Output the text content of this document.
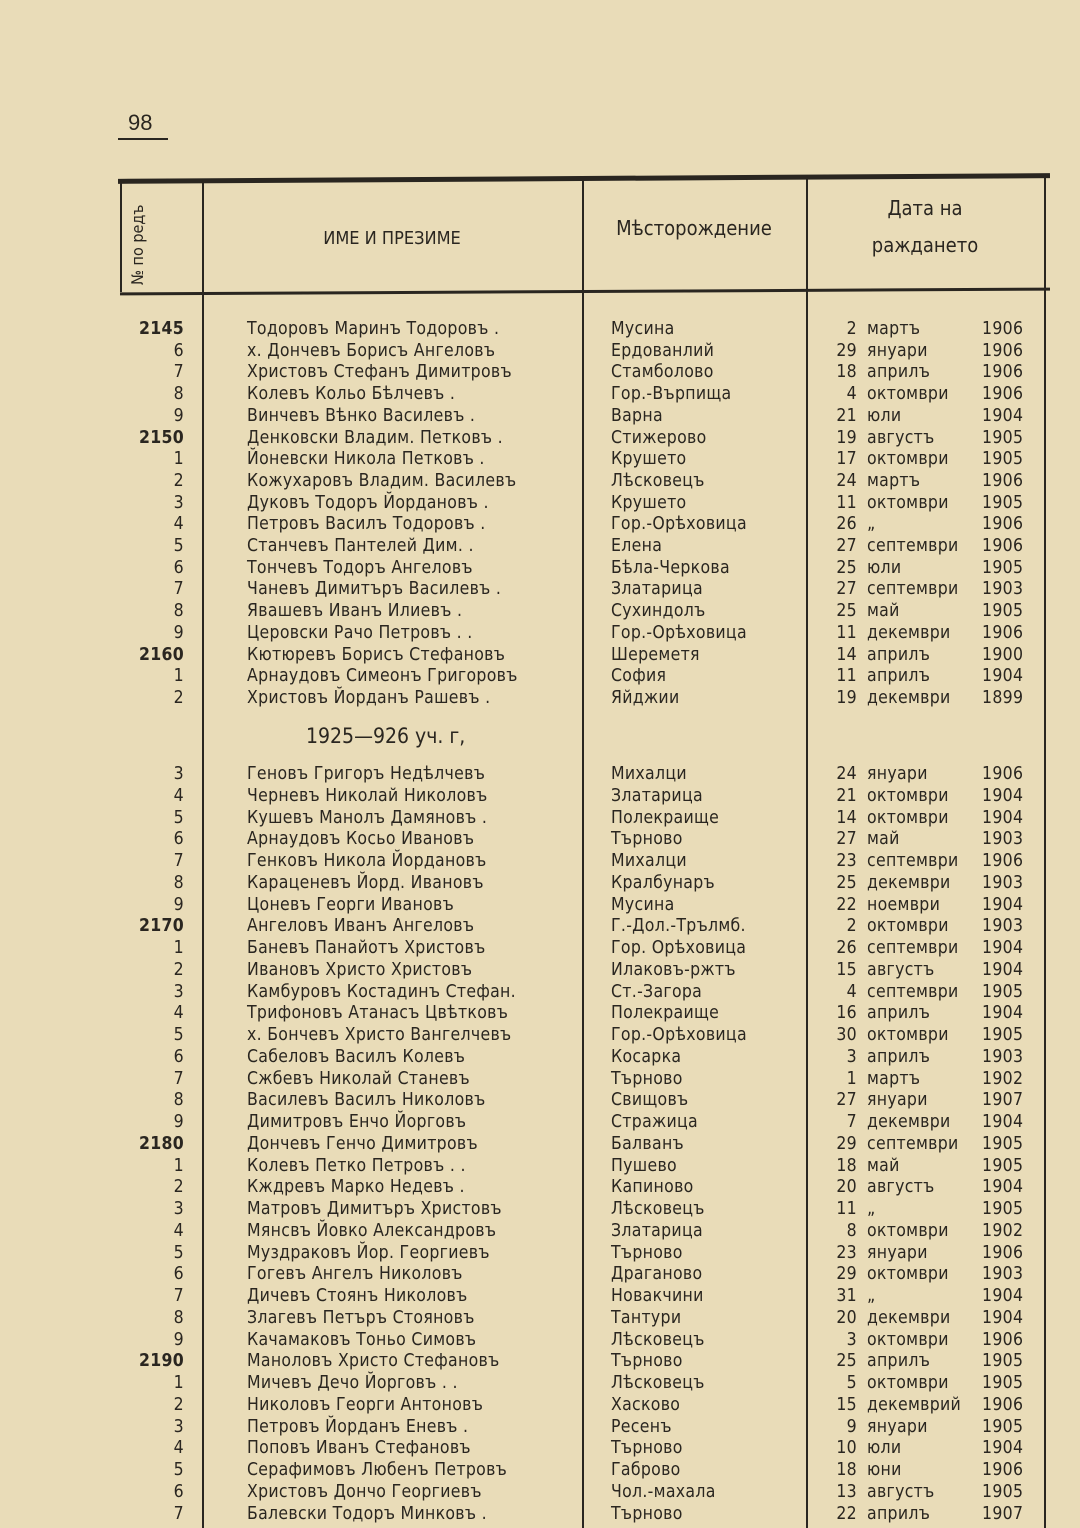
98
№ по редъ	ИМЕ И ПРЕЗИМЕ	Мѣсторождение
Дата на
раждането
2145	Тодоровъ Маринъ Тодоровъ .	Мусина	2 мартъ	1906
6	х. Дончевъ Борисъ Ангеловъ	Ердованлий	29 януари	1906
7	Христовъ Стефанъ Димитровъ	Стамболово	18 априлъ	1906
8	Колевъ Кольо Бѣлчевъ .	Гор.-Върпища	4 октомври 1906
9	Винчевъ Вѣнко Василевъ .	Варна	21 юли	1904
2150	Денковски Владим. Петковъ .	Стижерово	19 августъ	1905
1	Йоневски Никола Петковъ .	Крушето	17 октомври 1905
2	Кожухаровъ Владим. Василевъ	Лѣсковецъ	24 мартъ	1906
3	Дуковъ Тодоръ Йордановъ .	Крушето	11 октомври 1905
4	Петровъ Василъ Тодоровъ .	Гор.-Орѣховица	26 „	1906
5	Станчевъ Пантелей Дим. .	Елена	27 септември 1906
6	Тончевъ Тодоръ Ангеловъ	Бѣла-Черкова	25 юли	1905
7	Чаневъ Димитъръ Василевъ .	Златарица	27 септември 1903
8	Явашевъ Иванъ Илиевъ .	Сухиндолъ	25 май	1905
9	Церовски Рачо Петровъ . .	Гор.-Орѣховица	11 декември 1906
2160	Кютюревъ Борисъ Стефановъ	Шереметя	14 априлъ	1900
1	Арнаудовъ Симеонъ Григоровъ	София	11 априлъ	1904
2	Христовъ Йорданъ Рашевъ .	Яйджии	19 декември 1899
1925—926 уч. г,
3	Геновъ Григоръ Недѣлчевъ	Михалци	24 януари	1906
4	Черневъ Николай Николовъ	Златарица	21 октомври 1904
5	Кушевъ Манолъ Дамяновъ .	Полекраище	14 октомври 1904
6	Арнаудовъ Косьо Ивановъ	Търново	27 май	1903
7	Генковъ Никола Йордановъ	Михалци	23 септември 1906
8	Караценевъ Йорд. Ивановъ	Кралбунаръ	25 декември 1903
9	Цоневъ Георги Ивановъ	Мусина	22 ноември 1904
2170	Ангеловъ Иванъ Ангеловъ	Г.-Дол.-Трълмб.	2 октомври 1903
1	Баневъ Панайотъ Христовъ	Гор. Орѣховица	26 септември 1904
2	Ивановъ Христо Христовъ	Илаковъ-ржтъ	15 августъ	1904
3	Камбуровъ Костадинъ Стефан.	Ст.-Загора	4 септември 1905
4	Трифоновъ Атанасъ Цвѣтковъ	Полекраище	16 априлъ	1904
5	х. Бончевъ Христо Вангелчевъ	Гор.-Орѣховица	30 октомври 1905
6	Сабеловъ Василъ Колевъ	Косарка	3 априлъ	1903
7	Сжбевъ Николай Станевъ	Търново	1 мартъ	1902
8	Василевъ Василъ Николовъ	Свищовъ	27 януари	1907
9	Димитровъ Енчо Йорговъ	Стражица	7 декември 1904
2180	Дончевъ Генчо Димитровъ	Балванъ	29 септември 1905
1	Колевъ Петко Петровъ . .	Пушево	18 май	1905
2	Кждревъ Марко Недевъ .	Капиново	20 августъ	1904
3	Матровъ Димитъръ Христовъ	Лѣсковецъ	11 „	1905
4	Мянсвъ Йовко Александровъ	Златарица	8 октомври 1902
5	Муздраковъ Йор. Георгиевъ	Търново	23 януари	1906
6	Гогевъ Ангелъ Николовъ	Драганово	29 октомври 1903
7	Дичевъ Стоянъ Николовъ	Новакчини	31 „	1904
8	Злагевъ Петъръ Стояновъ	Тантури	20 декември 1904
9	Качамаковъ Тоньо Симовъ	Лѣсковецъ	3 октомври 1906
2190	Маноловъ Христо Стефановъ	Търново	25 априлъ	1905
1	Мичевъ Дечо Йорговъ . .	Лѣсковецъ	5 октомври 1905
2	Николовъ Георги Антоновъ	Хасково	15 декемврий 1906
3	Петровъ Йорданъ Еневъ .	Ресенъ	9 януари	1905
4	Поповъ Иванъ Стефановъ	Търново	10 юли	1904
5	Серафимовъ Любенъ Петровъ	Габрово	18 юни	1906
6	Христовъ Дончо Георгиевъ	Чол.-махала	13 августъ	1905
7	Балевски Тодоръ Минковъ .	Търново	22 априлъ	1907
